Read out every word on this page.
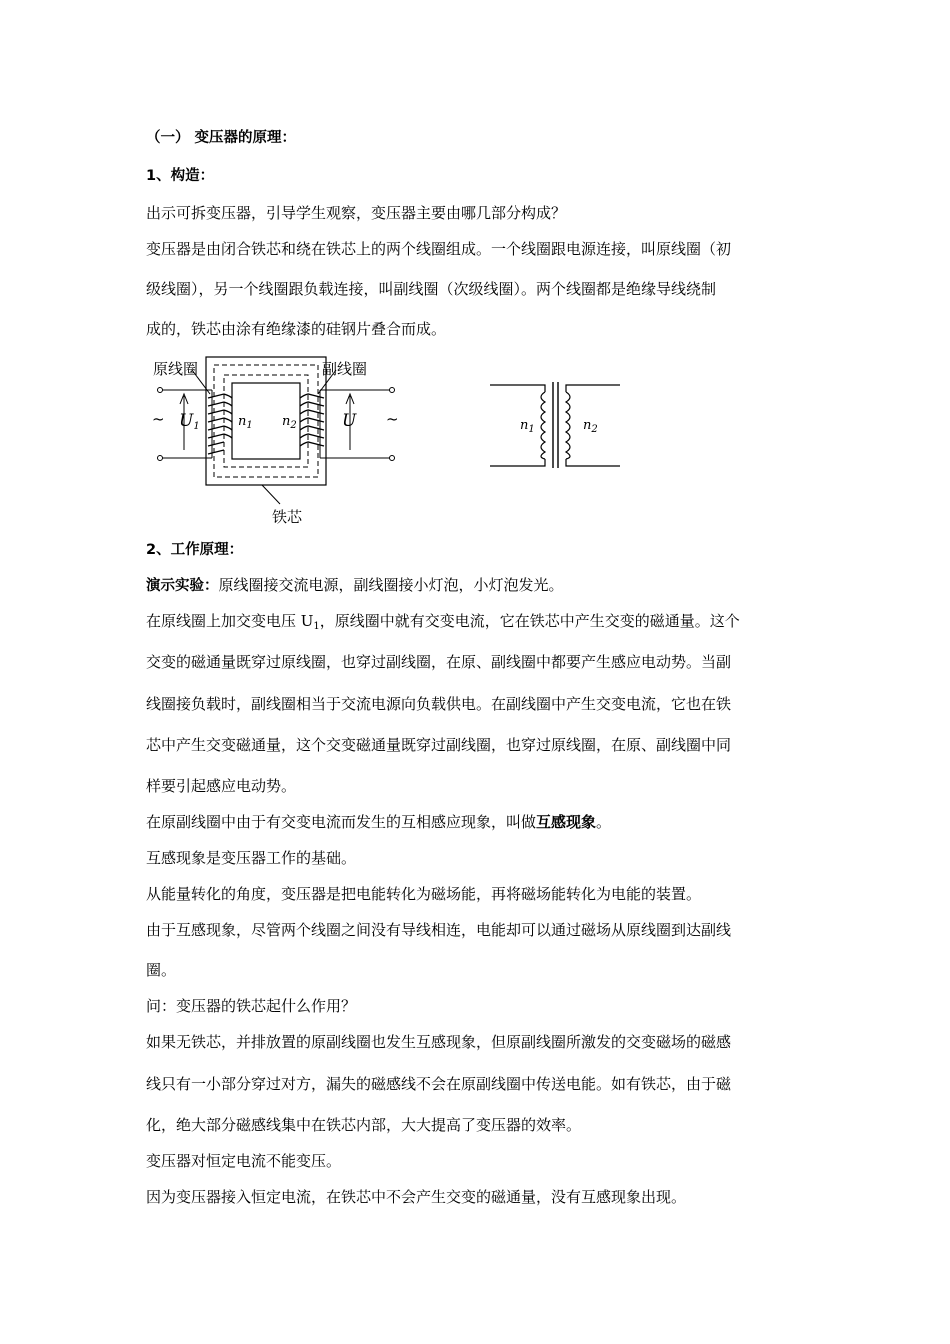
（一） 变压器的原理：
1、构造：
出示可拆变压器，引导学生观察，变压器主要由哪几部分构成？
变压器是由闭合铁芯和绕在铁芯上的两个线圈组成。一个线圈跟电源连接，叫原线圈（初
级线圈），另一个线圈跟负载连接，叫副线圈（次级线圈）。两个线圈都是绝缘导线绕制
成的，铁芯由涂有绝缘漆的硅钢片叠合而成。
原线圈	副线圈
铁芯
~	~
$U_1$	U
$n_1$ $n_2$	$n_1$	$n_2$
2、工作原理：
演示实验：原线圈接交流电源，副线圈接小灯泡，小灯泡发光。
在原线圈上加交变电压 $U_1$，原线圈中就有交变电流，它在铁芯中产生交变的磁通量。这个
交变的磁通量既穿过原线圈，也穿过副线圈，在原、副线圈中都要产生感应电动势。当副
线圈接负载时，副线圈相当于交流电源向负载供电。在副线圈中产生交变电流，它也在铁
芯中产生交变磁通量，这个交变磁通量既穿过副线圈，也穿过原线圈，在原、副线圈中同
样要引起感应电动势。
在原副线圈中由于有交变电流而发生的互相感应现象，叫做互感现象。
互感现象是变压器工作的基础。
从能量转化的角度，变压器是把电能转化为磁场能，再将磁场能转化为电能的装置。
由于互感现象，尽管两个线圈之间没有导线相连，电能却可以通过磁场从原线圈到达副线
圈。
问：变压器的铁芯起什么作用？
如果无铁芯，并排放置的原副线圈也发生互感现象，但原副线圈所激发的交变磁场的磁感
线只有一小部分穿过对方，漏失的磁感线不会在原副线圈中传送电能。如有铁芯，由于磁
化，绝大部分磁感线集中在铁芯内部，大大提高了变压器的效率。
变压器对恒定电流不能变压。
因为变压器接入恒定电流，在铁芯中不会产生交变的磁通量，没有互感现象出现。
